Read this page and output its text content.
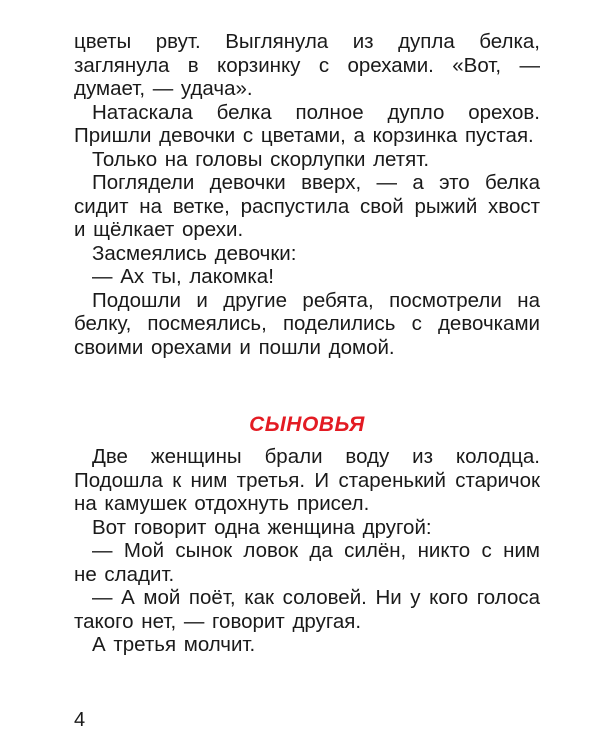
цветы рвут. Выглянула из дупла белка, заглянула в корзинку с орехами. «Вот, — думает, — удача».

Натаскала белка полное дупло орехов. Пришли девочки с цветами, а корзинка пустая.

Только на головы скорлупки летят.

Поглядели девочки вверх, — а это белка сидит на ветке, распустила свой рыжий хвост и щёлкает орехи.

Засмеялись девочки:

— Ах ты, лакомка!

Подошли и другие ребята, посмотрели на белку, посмеялись, поделились с девочками своими орехами и пошли домой.

СЫНОВЬЯ

Две женщины брали воду из колодца. Подошла к ним третья. И старенький старичок на камушек отдохнуть присел.

Вот говорит одна женщина другой:

— Мой сынок ловок да силён, никто с ним не сладит.

— А мой поёт, как соловей. Ни у кого голоса такого нет, — говорит другая.

А третья молчит.

4
